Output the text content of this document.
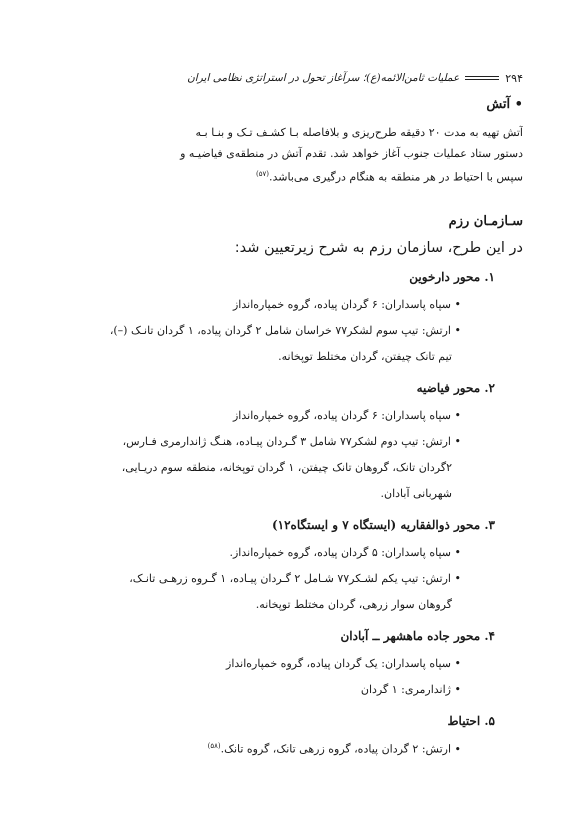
۲۹۴
عملیات ثامن‌الائمه(ع)؛ سرآغاز تحول در استراتژی نظامی ایران
• آتش
آتش تهیه به مدت ۲۰ دقیقه طرح‌ریزی و بلافاصله بـا کشـف تـک و بنـا بـه
دستور ستاد عملیات جنوب آغاز خواهد شد. تقدم آتش در منطقه‌ی فیاضیـه و
سپس با احتیاط در هر منطقه به هنگام درگیری می‌باشد.$^{(۵۷)}$
سـازمـان رزم
در این طرح، سازمان رزم به شرح زیرتعیین شد:
۱. محور دارخوین
• سپاه پاسداران: ۶ گردان پیاده، گروه خمپاره‌انداز
• ارتش: تیپ سوم لشکر۷۷ خراسان شامل ۲ گردان پیاده، ۱ گردان تانـک (–)،
تیم تانک چیفتن، گردان مختلط توپخانه.
۲. محور فیاضیه
• سپاه پاسداران: ۶ گردان پیاده، گروه خمپاره‌انداز
• ارتش: تیپ دوم لشکر۷۷ شامل ۳ گـردان پیـاده، هنـگ ژاندارمری فـارس،
۲گردان تانک، گروهان تانک چیفتن، ۱ گردان توپخانه، منطقه سوم دریـایی،
شهربانی آبادان.
۳. محور ذوالفقاریه (ایستگاه ۷ و ایستگاه۱۲)
• سپاه پاسداران: ۵ گردان پیاده، گروه خمپاره‌انداز.
• ارتش: تیپ یکم لشـکر۷۷ شـامل ۲ گـردان پیـاده، ۱ گـروه زرهـی تانـک،
گروهان سوار زرهی، گردان مختلط توپخانه.
۴. محور جاده ماهشهر ــ آبادان
• سپاه پاسداران: یک گردان پیاده، گروه خمپاره‌انداز
• ژاندارمری: ۱ گردان
۵. احتیاط
• ارتش: ۲ گردان پیاده، گروه زرهی تانک، گروه تانک.$^{(۵۸)}$
